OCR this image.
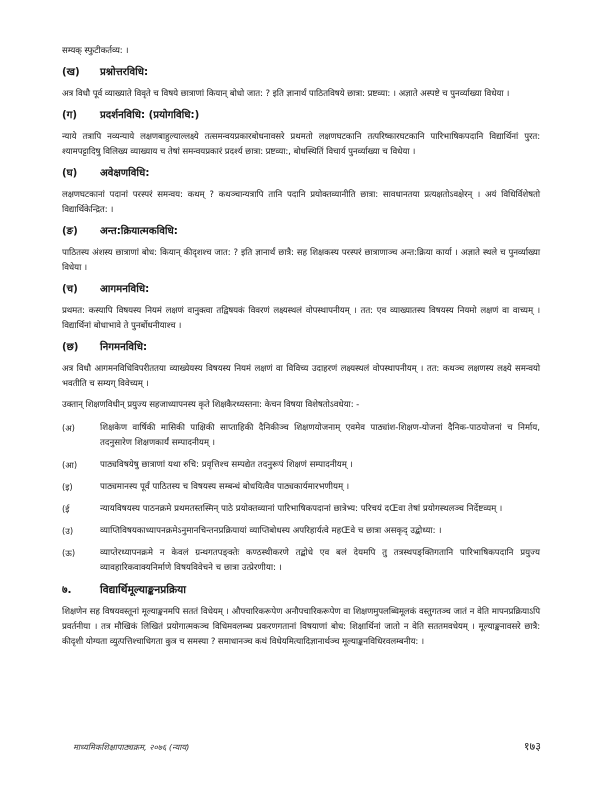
सम्यक् स्फुटीकर्तव्य: ।

(ख)	प्रश्नोत्तरविधि:

अत्र विधौ पूर्व व्याख्याते विवृते च विषये छात्राणां कियान् बोधो जात: ? इति ज्ञानार्थं पाठितविषये छात्रा: प्रष्टव्या: । अज्ञाते अस्पष्टे च पुनर्व्याख्या विधेया ।

(ग)	प्रदर्शनविधि: (प्रयोगविधि:)

न्याये तत्रापि नव्यन्याये लक्षणबाहुल्याल्लक्ष्ये तत्समन्वयप्रकारबोधनावसरे प्रथमतो लक्षणघटकानि तत्परिष्कारघटकानि पारिभाषिकपदानि विद्यार्थिनां पुरत: श्यामपट्टादिषु विलिख्य व्याख्याय च तेषां समन्वयप्रकारं प्रदर्श्य छात्रा: प्रष्टव्या:, बोधस्थितिं विचार्य पुनर्व्याख्या च विधेया ।

(घ)	अवेक्षणविधि:

लक्षणघटकानां पदानां परस्परं समन्वय: कथम् ? कथञ्चान्यत्रापि तानि पदानि प्रयोक्तव्यानीति छात्रा: सावधानतया प्रत्यक्षतोऽवक्षेरन् । अयं विधिर्विशेषतो विद्यार्थिकेन्द्रित: ।

(ङ)	अन्त:क्रियात्मकविधि:

पाठितस्य अंशस्य छात्राणां बोध: कियान् कीदृशश्च जात: ? इति ज्ञानार्थं छात्रै: सह शिक्षकस्य परस्परं छात्राणाञ्च अन्त:क्रिया कार्या । अज्ञाते स्थले च पुनर्व्याख्या विधेया ।

(च)	आगमनविधि:

प्रथमत: कस्यापि विषयस्य नियमं लक्षणं वानुक्त्वा तद्विषयकं विवरणं लक्ष्यस्थलं वोपस्थापनीयम् । तत: एव व्याख्यातस्य विषयस्य नियमो लक्षणं वा वाच्यम् । विद्यार्थिनां बोधाभावे ते पुनर्बोधनीयाश्च ।

(छ)	निगमनविधि:

अत्र विधौ आगमनविधिविपरीततया व्याख्येयस्य विषयस्य नियमं लक्षणं वा विविच्य उदाहरणं लक्ष्यस्थलं वोपस्थापनीयम् । तत: कथञ्च लक्षणस्य लक्ष्ये समन्वयो भवतीति च सम्यग् विवेच्यम् ।

उक्तान् शिक्षणविधीन् प्रयुज्य सहजाध्यापनस्य कृते शिक्षकैरध्यस्तना: केचन विषया विशेषतोऽवधेया: -

(अ)	शिक्षकेण वार्षिकी मासिकी पाक्षिकी साप्ताहिकी दैनिकीञ्च शिक्षणयोजनाम् एवमेव पाठ्यांश-शिक्षण-योजनां दैनिक-पाठयोजनां च निर्माय, तदनुसारेण शिक्षणकार्यं सम्पादनीयम् ।
(आ)	पाठ्यविषयेषु छात्राणां यथा रुचि: प्रवृत्तिश्च सम्पद्येत तदनुरूपं शिक्षणं सम्पादनीयम् ।
(इ)	पाठ्यमानस्य पूर्वं पाठितस्य च विषयस्य सम्बन्धं बोधयित्वैव पाठ्यकार्यमारभणीयम् ।
(ई	न्यायविषयस्य पाठनक्रमे प्रथमतस्तस्मिन् पाठे प्रयोक्तव्यानां पारिभाषिकपदानां छात्रेभ्य: परिचयं दŒवा तेषां प्रयोगस्थलञ्च निर्देष्टव्यम् ।
(उ)	व्याप्तिविषयकाध्यापनक्रमेऽनुमानचिन्तनप्रक्रियायां व्याप्तिबोधस्य अपरिहार्यत्वे महŒवे च छात्रा असकृद् उद्बोध्या: ।
(ऊ)	व्याप्तेरध्यापनक्रमे न केवलं ग्रन्थगतपङ्क्तेः कण्ठस्थीकरणे तद्बोधे एव बलं देयमपि तु तत्रस्थपङ्क्तिगतानि पारिभाषिकपदानि प्रयुज्य व्यावहारिकवाक्यनिर्माणे विषयविवेचने च छात्रा उत्प्रेरणीया: ।
७.	विद्यार्थिमूल्याङ्कनप्रक्रिया

शिक्षणेन सह विषयवस्तूनां मूल्याङ्कनमपि सततं विधेयम् । औपचारिकरूपेण अनौपचारिकरूपेण वा शिक्षणमुपलब्धिमूलकं वस्तुगतञ्च जातं न वेति मापनप्रक्रियाऽपि प्रवर्तनीया । तत्र मौखिकं लिखितं प्रयोगात्मकञ्च विधिमवलम्ब्य प्रकरणगतानां विषयाणां बोध: शिक्षार्थिनां जातो न वेति सततमवधेयम् । मूल्याङ्कनावसरे छात्रै: कीदृशी योग्यता व्युत्पत्तिश्चाधिगता कुत्र च समस्या ? समाधानञ्च कथं विधेयमित्यादिज्ञानार्थञ्च मूल्याङ्कनविधिरवलम्बनीय: ।

माध्यमिकशिक्षापाठ्यक्रम, २०७६ (न्याय)	१७३
